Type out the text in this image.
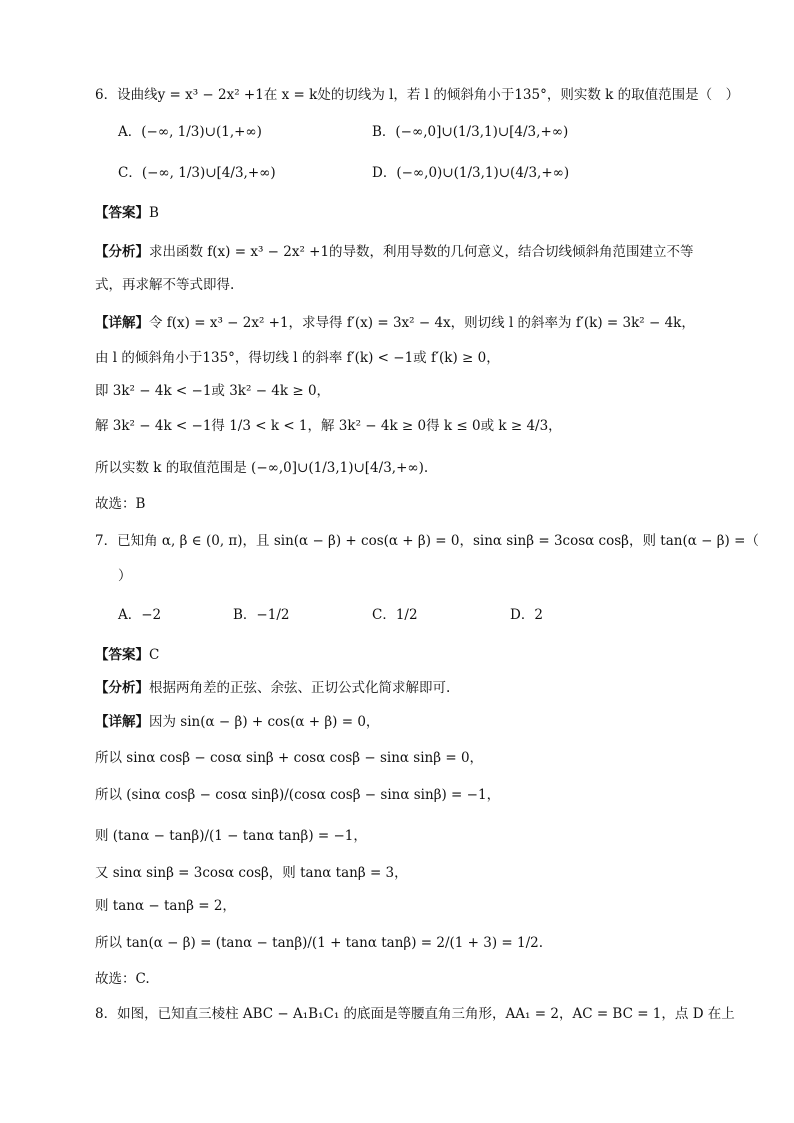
6．设曲线y = x³ − 2x² +1在 x = k处的切线为 l，若 l 的倾斜角小于135°，则实数 k 的取值范围是（　）
A．(−∞, 1/3)∪(1,+∞)	B．(−∞,0]∪(1/3,1)∪[4/3,+∞)
C．(−∞, 1/3)∪[4/3,+∞)	D．(−∞,0)∪(1/3,1)∪(4/3,+∞)
【答案】B
【分析】求出函数 f(x) = x³ − 2x² +1的导数，利用导数的几何意义，结合切线倾斜角范围建立不等
式，再求解不等式即得.
【详解】令 f(x) = x³ − 2x² +1，求导得 f′(x) = 3x² − 4x，则切线 l 的斜率为 f′(k) = 3k² − 4k，
由 l 的倾斜角小于135°，得切线 l 的斜率 f′(k) < −1或 f′(k) ≥ 0，
即 3k² − 4k < −1或 3k² − 4k ≥ 0，
解 3k² − 4k < −1得 1/3 < k < 1，解 3k² − 4k ≥ 0得 k ≤ 0或 k ≥ 4/3，
所以实数 k 的取值范围是 (−∞,0]∪(1/3,1)∪[4/3,+∞).
故选：B
7．已知角 α, β ∈ (0, π)，且 sin(α − β) + cos(α + β) = 0，sinα sinβ = 3cosα cosβ，则 tan(α − β) =（
）
A．−2	B．−1/2	C．1/2	D．2
【答案】C
【分析】根据两角差的正弦、余弦、正切公式化简求解即可.
【详解】因为 sin(α − β) + cos(α + β) = 0，
所以 sinα cosβ − cosα sinβ + cosα cosβ − sinα sinβ = 0，
所以 (sinα cosβ − cosα sinβ)/(cosα cosβ − sinα sinβ) = −1，
则 (tanα − tanβ)/(1 − tanα tanβ) = −1，
又 sinα sinβ = 3cosα cosβ，则 tanα tanβ = 3，
则 tanα − tanβ = 2，
所以 tan(α − β) = (tanα − tanβ)/(1 + tanα tanβ) = 2/(1 + 3) = 1/2.
故选：C.
8．如图，已知直三棱柱 ABC − A₁B₁C₁ 的底面是等腰直角三角形，AA₁ = 2，AC = BC = 1，点 D 在上
